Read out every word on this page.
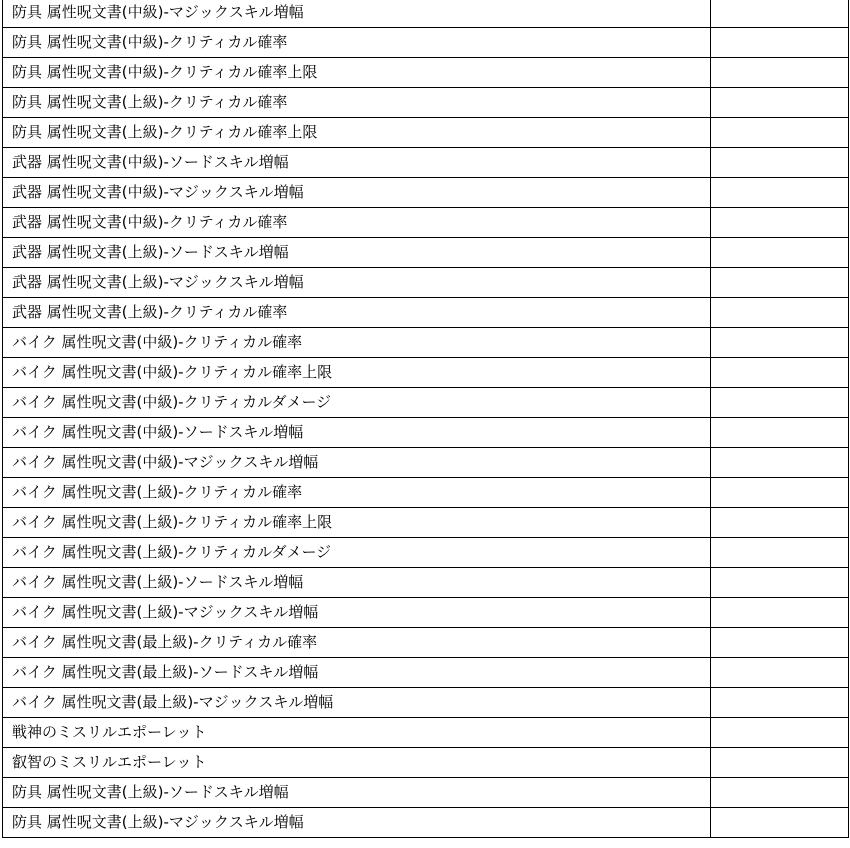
防具 属性呪文書(中級)-マジックスキル増幅	
防具 属性呪文書(中級)-クリティカル確率	
防具 属性呪文書(中級)-クリティカル確率上限	
防具 属性呪文書(上級)-クリティカル確率	
防具 属性呪文書(上級)-クリティカル確率上限	
武器 属性呪文書(中級)-ソードスキル増幅	
武器 属性呪文書(中級)-マジックスキル増幅	
武器 属性呪文書(中級)-クリティカル確率	
武器 属性呪文書(上級)-ソードスキル増幅	
武器 属性呪文書(上級)-マジックスキル増幅	
武器 属性呪文書(上級)-クリティカル確率	
バイク 属性呪文書(中級)-クリティカル確率	
バイク 属性呪文書(中級)-クリティカル確率上限	
バイク 属性呪文書(中級)-クリティカルダメージ	
バイク 属性呪文書(中級)-ソードスキル増幅	
バイク 属性呪文書(中級)-マジックスキル増幅	
バイク 属性呪文書(上級)-クリティカル確率	
バイク 属性呪文書(上級)-クリティカル確率上限	
バイク 属性呪文書(上級)-クリティカルダメージ	
バイク 属性呪文書(上級)-ソードスキル増幅	
バイク 属性呪文書(上級)-マジックスキル増幅	
バイク 属性呪文書(最上級)-クリティカル確率	
バイク 属性呪文書(最上級)-ソードスキル増幅	
バイク 属性呪文書(最上級)-マジックスキル増幅	
戦神のミスリルエポーレット	
叡智のミスリルエポーレット	
防具 属性呪文書(上級)-ソードスキル増幅	
防具 属性呪文書(上級)-マジックスキル増幅	
